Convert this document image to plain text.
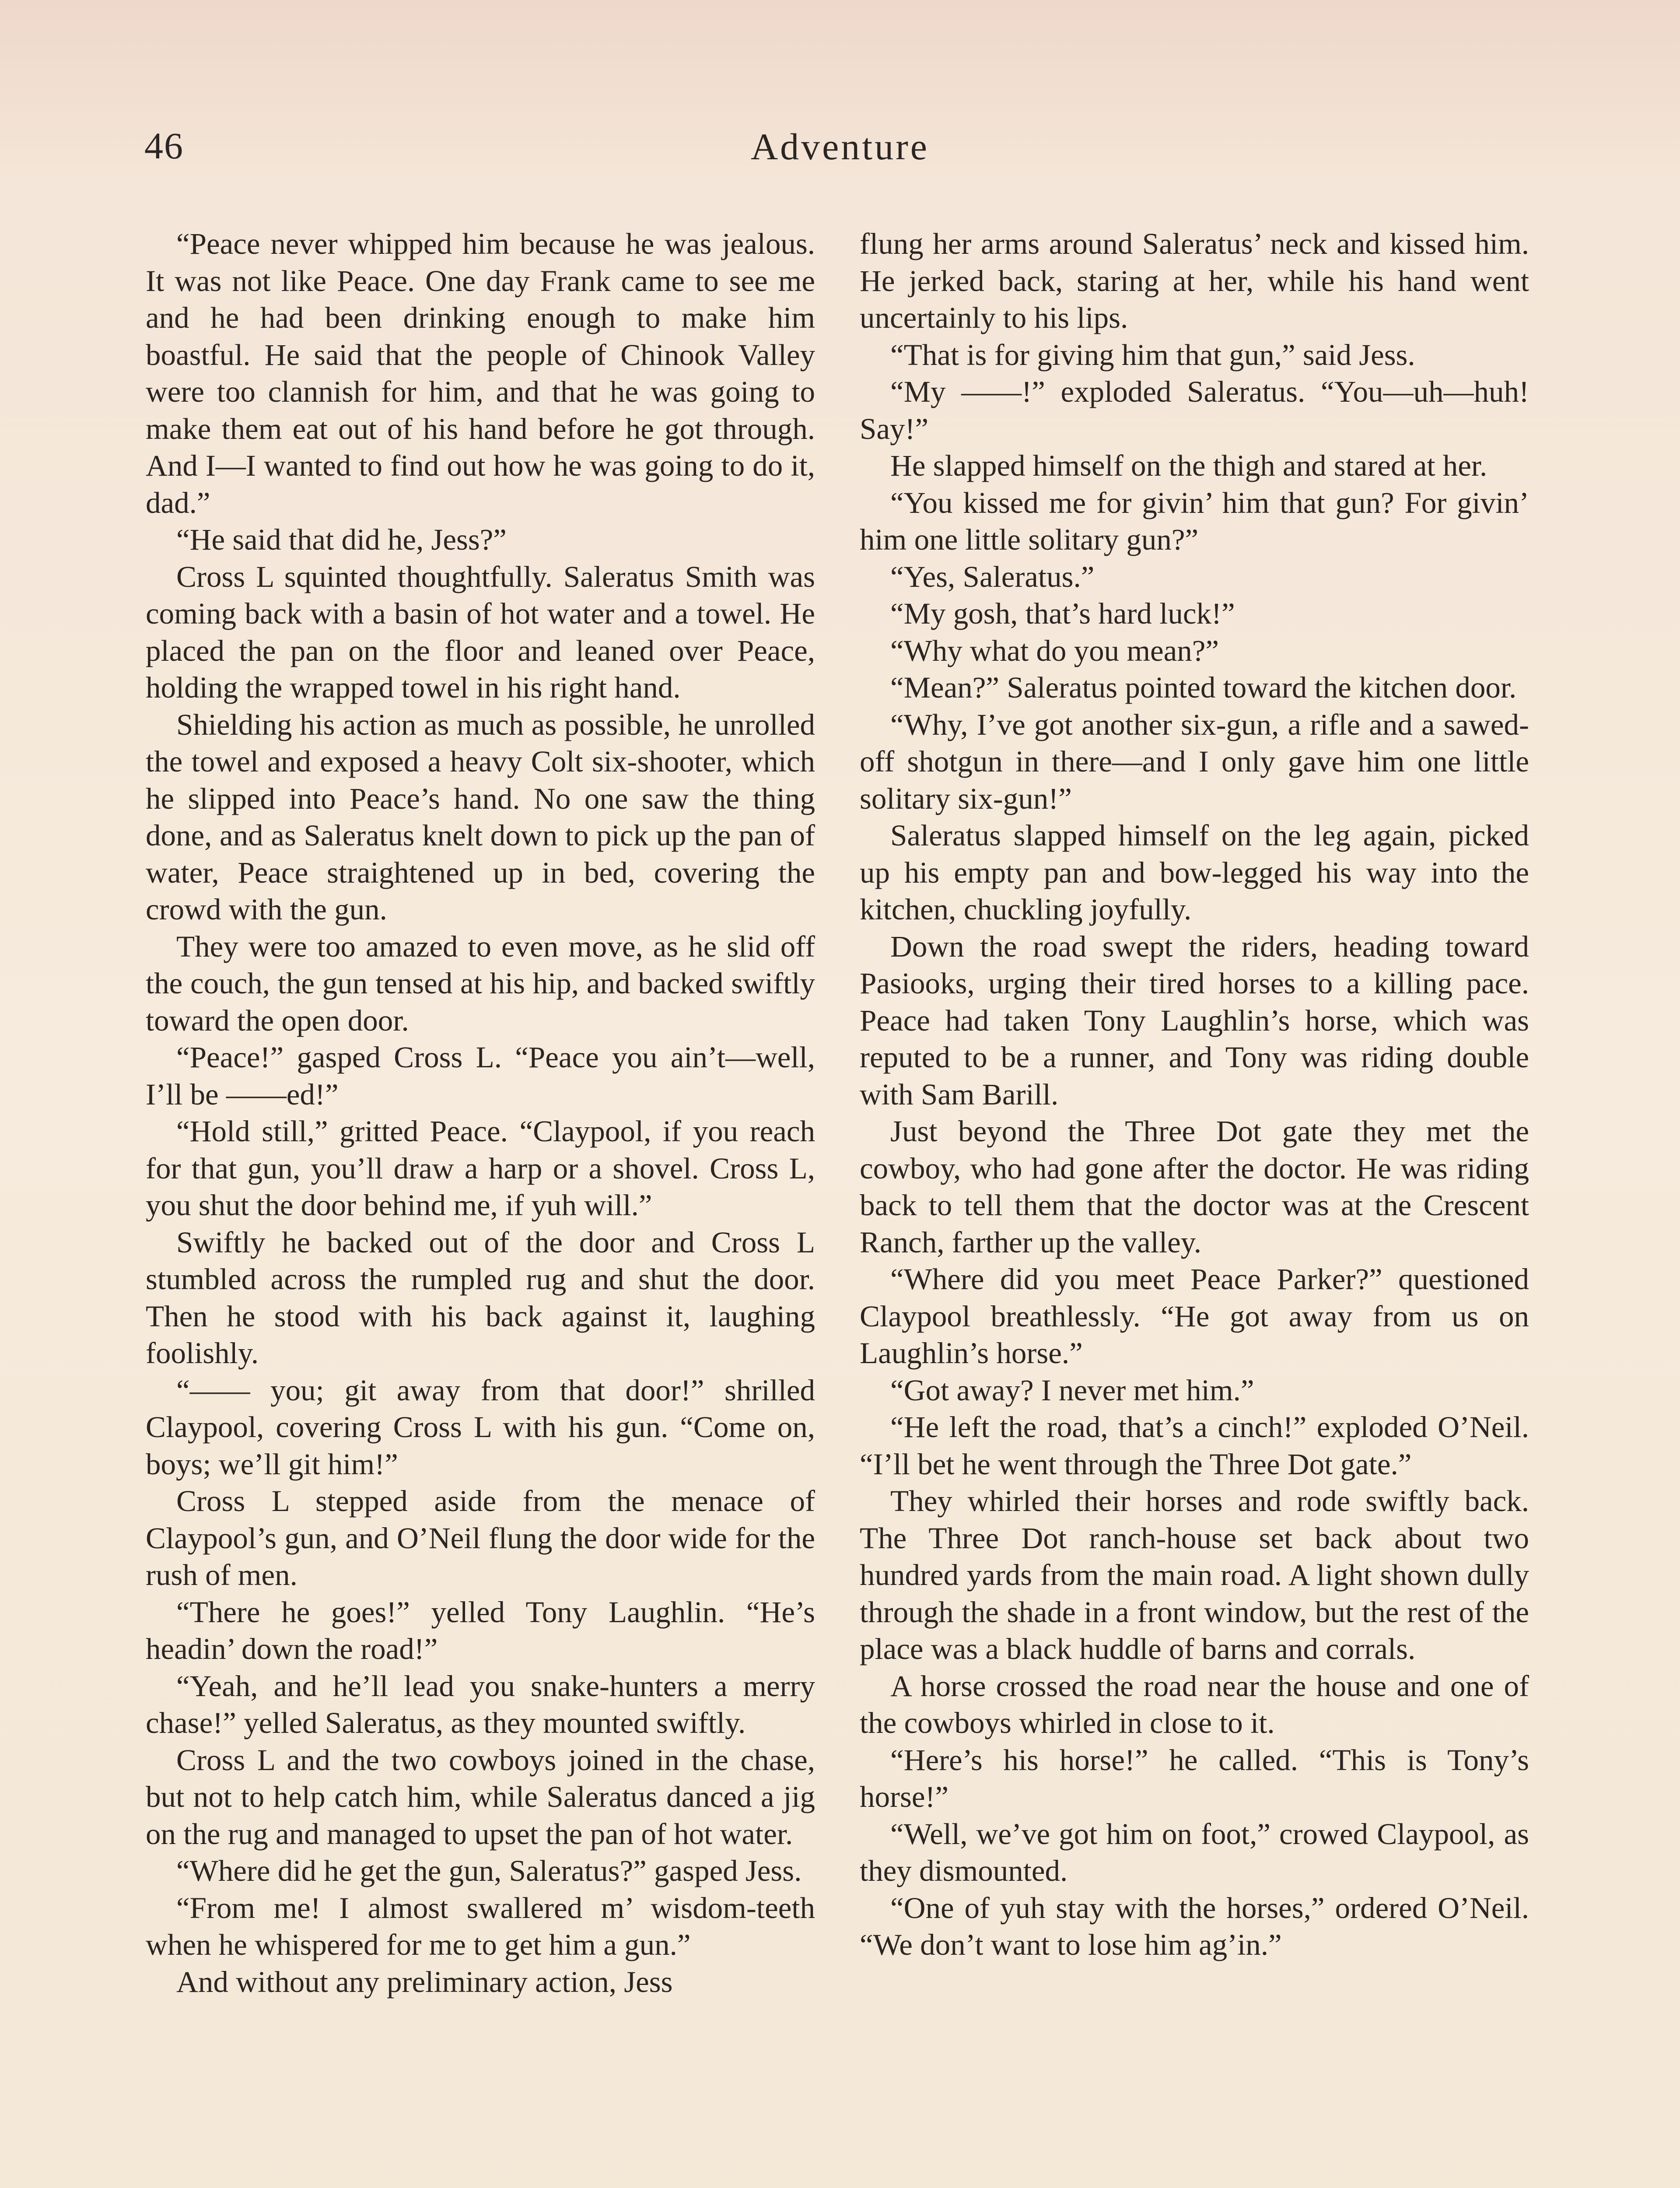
46	Adventure

“Peace never whipped him because he was jealous. It was not like Peace. One day Frank came to see me and he had been drinking enough to make him boastful. He said that the people of Chinook Valley were too clannish for him, and that he was going to make them eat out of his hand before he got through. And I—I wanted to find out how he was going to do it, dad.”

“He said that did he, Jess?”

Cross L squinted thoughtfully. Saleratus Smith was coming back with a basin of hot water and a towel. He placed the pan on the floor and leaned over Peace, holding the wrapped towel in his right hand.

Shielding his action as much as possible, he unrolled the towel and exposed a heavy Colt six-shooter, which he slipped into Peace’s hand. No one saw the thing done, and as Saleratus knelt down to pick up the pan of water, Peace straightened up in bed, covering the crowd with the gun.

They were too amazed to even move, as he slid off the couch, the gun tensed at his hip, and backed swiftly toward the open door.

“Peace!” gasped Cross L. “Peace you ain’t—well, I’ll be ——ed!”

“Hold still,” gritted Peace. “Claypool, if you reach for that gun, you’ll draw a harp or a shovel. Cross L, you shut the door behind me, if yuh will.”

Swiftly he backed out of the door and Cross L stumbled across the rumpled rug and shut the door. Then he stood with his back against it, laughing foolishly.

“—— you; git away from that door!” shrilled Claypool, covering Cross L with his gun. “Come on, boys; we’ll git him!”

Cross L stepped aside from the menace of Claypool’s gun, and O’Neil flung the door wide for the rush of men.

“There he goes!” yelled Tony Laughlin. “He’s headin’ down the road!”

“Yeah, and he’ll lead you snake-hunters a merry chase!” yelled Saleratus, as they mounted swiftly.

Cross L and the two cowboys joined in the chase, but not to help catch him, while Saleratus danced a jig on the rug and managed to upset the pan of hot water.

“Where did he get the gun, Saleratus?” gasped Jess.

“From me! I almost swallered m’ wisdom-teeth when he whispered for me to get him a gun.”

And without any preliminary action, Jess

flung her arms around Saleratus’ neck and kissed him. He jerked back, staring at her, while his hand went uncertainly to his lips.

“That is for giving him that gun,” said Jess.

“My ——!” exploded Saleratus. “You—uh—huh! Say!”

He slapped himself on the thigh and stared at her.

“You kissed me for givin’ him that gun? For givin’ him one little solitary gun?”

“Yes, Saleratus.”

“My gosh, that’s hard luck!”

“Why what do you mean?”

“Mean?” Saleratus pointed toward the kitchen door.

“Why, I’ve got another six-gun, a rifle and a sawed-off shotgun in there—and I only gave him one little solitary six-gun!”

Saleratus slapped himself on the leg again, picked up his empty pan and bow-legged his way into the kitchen, chuckling joyfully.

Down the road swept the riders, heading toward Pasiooks, urging their tired horses to a killing pace. Peace had taken Tony Laughlin’s horse, which was reputed to be a runner, and Tony was riding double with Sam Barill.

Just beyond the Three Dot gate they met the cowboy, who had gone after the doctor. He was riding back to tell them that the doctor was at the Crescent Ranch, farther up the valley.

“Where did you meet Peace Parker?” questioned Claypool breathlessly. “He got away from us on Laughlin’s horse.”

“Got away? I never met him.”

“He left the road, that’s a cinch!” exploded O’Neil. “I’ll bet he went through the Three Dot gate.”

They whirled their horses and rode swiftly back. The Three Dot ranch-house set back about two hundred yards from the main road. A light shown dully through the shade in a front window, but the rest of the place was a black huddle of barns and corrals.

A horse crossed the road near the house and one of the cowboys whirled in close to it.

“Here’s his horse!” he called. “This is Tony’s horse!”

“Well, we’ve got him on foot,” crowed Claypool, as they dismounted.

“One of yuh stay with the horses,” ordered O’Neil. “We don’t want to lose him ag’in.”
